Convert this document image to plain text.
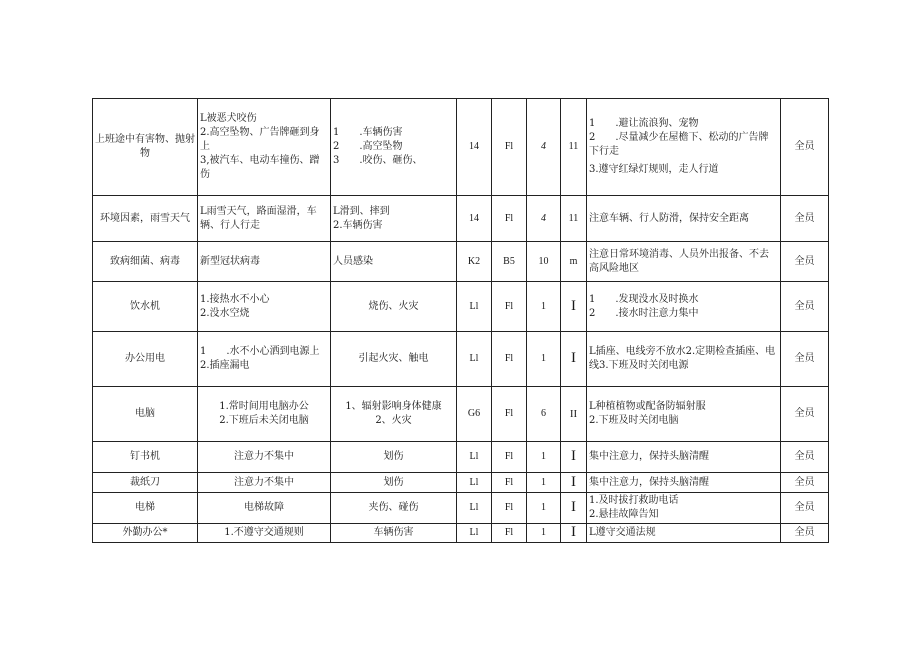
上班途中有害物、抛射物	L被恶犬咬伤
2.高空坠物、广告牌砸到身上
3,被汽车、电动车撞伤、蹭伤	1　　.车辆伤害
2　　.高空坠物
3　　.咬伤、砸伤、	14	Fl	4	11	1　　.避让流浪狗、宠物
2　　.尽量减少在屋檐下、松动的广告牌下行走
3.遵守红绿灯规则，走人行道	全员
环境因素，雨雪天气	L雨雪天气，路面湿滑，车辆、行人行走	L滑到、摔到
2.车辆伤害	14	Fl	4	11	注意车辆、行人防滑，保持安全距离	全员
致病细菌、病毒	新型冠状病毒	人员感染	K2	B5	10	m	注意日常环境消毒、人员外出报备、不去高风险地区	全员
饮水机	1.接热水不小心
2.没水空烧	烧伤、火灾	Ll	Fl	1	I	1　　.发现没水及时换水
2　　.接水时注意力集中	全员
办公用电	1　　.水不小心洒到电源上
2.插座漏电	引起火灾、触电	Ll	Fl	1	I	L插座、电线旁不放水2.定期检查插座、电线3.下班及时关闭电源	全员
电脑	1.常时间用电脑办公
2.下班后未关闭电脑	1、辐射影响身体健康
2、火灾	G6	Fl	6	II	L种植植物或配备防辐射服
2.下班及时关闭电脑	全员
钉书机	注意力不集中	划伤	Ll	Fl	1	I	集中注意力，保持头脑清醒	全员
裁纸刀	注意力不集中	划伤	Ll	Fl	1	I	集中注意力，保持头脑清醒	全员
电梯	电梯故障	夹伤、碰伤	Ll	Fl	1	I	1.及时拔打救助电话
2.悬挂故障告知	全员
外勤办公*	1.不遵守交通规则	车辆伤害	Ll	Fl	1	I	L遵守交通法规	全员
